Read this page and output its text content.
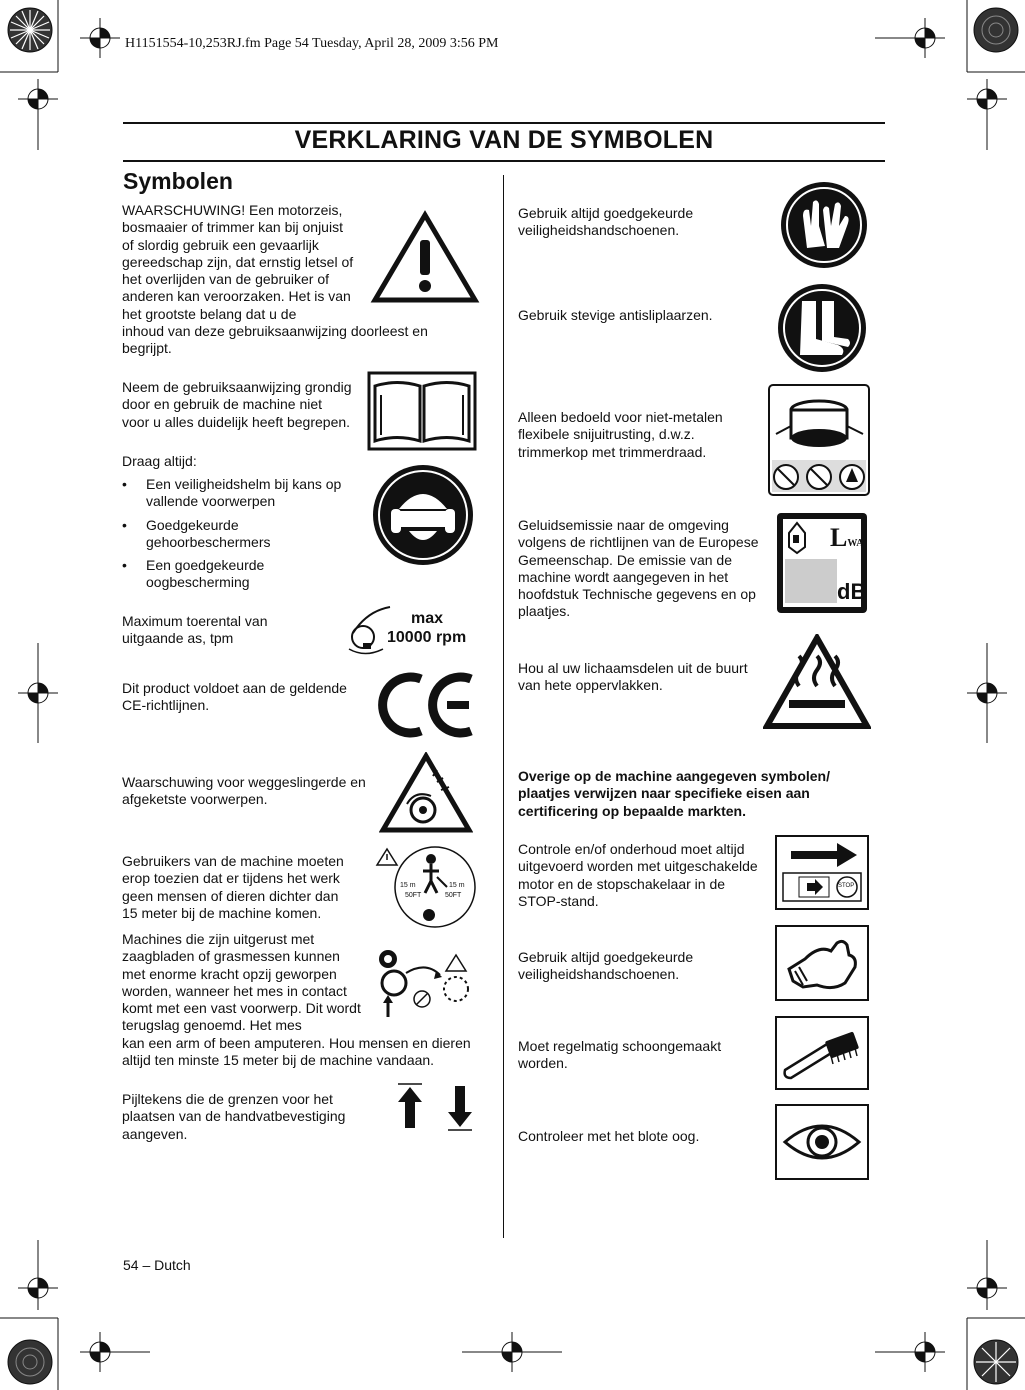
H1151554-10,253RJ.fm Page 54 Tuesday, April 28, 2009 3:56 PM
VERKLARING VAN DE SYMBOLEN
Symbolen
WAARSCHUWING! Een motorzeis, bosmaaier of trimmer kan bij onjuist of slordig gebruik een gevaarlijk gereedschap zijn, dat ernstig letsel of het overlijden van de gebruiker of anderen kan veroorzaken. Het is van het grootste belang dat u de
inhoud van deze gebruiksaanwijzing doorleest en begrijpt.
Neem de gebruiksaanwijzing grondig door en gebruik de machine niet voor u alles duidelijk heeft begrepen.
Draag altijd:
• Een veiligheidshelm bij kans op vallende voorwerpen
• Goedgekeurde gehoorbeschermers
• Een goedgekeurde oogbescherming
Maximum toerental van uitgaande as, tpm
max
10000 rpm
Dit product voldoet aan de geldende CE-richtlijnen.
Waarschuwing voor weggeslingerde en afgeketste voorwerpen.
Gebruikers van de machine moeten erop toezien dat er tijdens het werk geen mensen of dieren dichter dan 15 meter bij de machine komen.
15 m
50FT
15 m
50FT
Machines die zijn uitgerust met zaagbladen of grasmessen kunnen met enorme kracht opzij geworpen worden, wanneer het mes in contact komt met een vast voorwerp. Dit wordt terugslag genoemd. Het mes
kan een arm of been amputeren. Hou mensen en dieren altijd ten minste 15 meter bij de machine vandaan.
Pijltekens die de grenzen voor het plaatsen van de handvatbevestiging aangeven.
Gebruik altijd goedgekeurde veiligheidshandschoenen.
Gebruik stevige antisliplaarzen.
Alleen bedoeld voor niet-metalen flexibele snijuitrusting, d.w.z. trimmerkop met trimmerdraad.
Geluidsemissie naar de omgeving volgens de richtlijnen van de Europese Gemeenschap. De emissie van de machine wordt aangegeven in het hoofdstuk Technische gegevens en op plaatjes.
LWA
dB
Hou al uw lichaamsdelen uit de buurt van hete oppervlakken.
Overige op de machine aangegeven symbolen/ plaatjes verwijzen naar specifieke eisen aan certificering op bepaalde markten.
Controle en/of onderhoud moet altijd uitgevoerd worden met uitgeschakelde motor en de stopschakelaar in de STOP-stand.
STOP
Gebruik altijd goedgekeurde veiligheidshandschoenen.
Moet regelmatig schoongemaakt worden.
Controleer met het blote oog.
54 – Dutch
